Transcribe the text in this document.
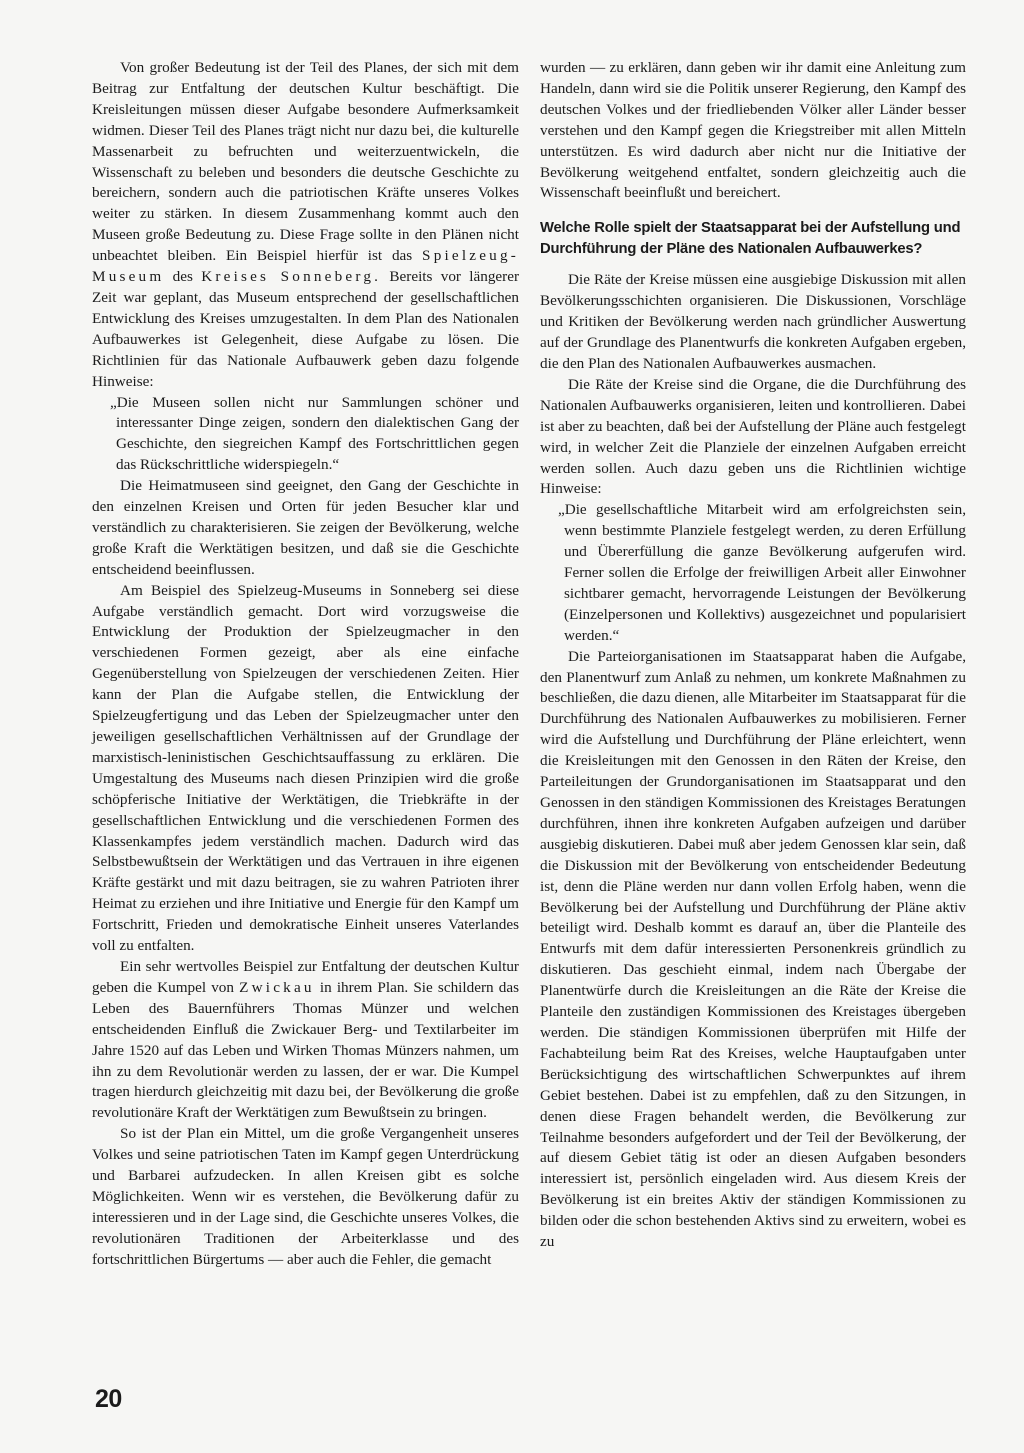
Von großer Bedeutung ist der Teil des Planes, der sich mit dem Beitrag zur Entfaltung der deutschen Kultur beschäftigt. Die Kreisleitungen müssen dieser Aufgabe besondere Aufmerksamkeit widmen. Dieser Teil des Planes trägt nicht nur dazu bei, die kulturelle Massenarbeit zu befruchten und weiterzuentwickeln, die Wissenschaft zu beleben und besonders die deutsche Geschichte zu bereichern, sondern auch die patriotischen Kräfte unseres Volkes weiter zu stärken. In diesem Zusammenhang kommt auch den Museen große Bedeutung zu. Diese Frage sollte in den Plänen nicht unbeachtet bleiben. Ein Beispiel hierfür ist das Spielzeug-Museum des Kreises Sonneberg. Bereits vor längerer Zeit war geplant, das Museum entsprechend der gesellschaftlichen Entwicklung des Kreises umzugestalten. In dem Plan des Nationalen Aufbauwerkes ist Gelegenheit, diese Aufgabe zu lösen. Die Richtlinien für das Nationale Aufbauwerk geben dazu folgende Hinweise:

„Die Museen sollen nicht nur Sammlungen schöner und interessanter Dinge zeigen, sondern den dialektischen Gang der Geschichte, den siegreichen Kampf des Fortschrittlichen gegen das Rückschrittliche widerspiegeln.“

Die Heimatmuseen sind geeignet, den Gang der Geschichte in den einzelnen Kreisen und Orten für jeden Besucher klar und verständlich zu charakterisieren. Sie zeigen der Bevölkerung, welche große Kraft die Werktätigen besitzen, und daß sie die Geschichte entscheidend beeinflussen.

Am Beispiel des Spielzeug-Museums in Sonneberg sei diese Aufgabe verständlich gemacht. Dort wird vorzugsweise die Entwicklung der Produktion der Spielzeugmacher in den verschiedenen Formen gezeigt, aber als eine einfache Gegenüberstellung von Spielzeugen der verschiedenen Zeiten. Hier kann der Plan die Aufgabe stellen, die Entwicklung der Spielzeugfertigung und das Leben der Spielzeugmacher unter den jeweiligen gesellschaftlichen Verhältnissen auf der Grundlage der marxistisch-leninistischen Geschichtsauffassung zu erklären. Die Umgestaltung des Museums nach diesen Prinzipien wird die große schöpferische Initiative der Werktätigen, die Triebkräfte in der gesellschaftlichen Entwicklung und die verschiedenen Formen des Klassenkampfes jedem verständlich machen. Dadurch wird das Selbstbewußtsein der Werktätigen und das Vertrauen in ihre eigenen Kräfte gestärkt und mit dazu beitragen, sie zu wahren Patrioten ihrer Heimat zu erziehen und ihre Initiative und Energie für den Kampf um Fortschritt, Frieden und demokratische Einheit unseres Vaterlandes voll zu entfalten.

Ein sehr wertvolles Beispiel zur Entfaltung der deutschen Kultur geben die Kumpel von Zwickau in ihrem Plan. Sie schildern das Leben des Bauernführers Thomas Münzer und welchen entscheidenden Einfluß die Zwickauer Berg- und Textilarbeiter im Jahre 1520 auf das Leben und Wirken Thomas Münzers nahmen, um ihn zu dem Revolutionär werden zu lassen, der er war. Die Kumpel tragen hierdurch gleichzeitig mit dazu bei, der Bevölkerung die große revolutionäre Kraft der Werktätigen zum Bewußtsein zu bringen.

So ist der Plan ein Mittel, um die große Vergangenheit unseres Volkes und seine patriotischen Taten im Kampf gegen Unterdrückung und Barbarei aufzudecken. In allen Kreisen gibt es solche Möglichkeiten. Wenn wir es verstehen, die Bevölkerung dafür zu interessieren und in der Lage sind, die Geschichte unseres Volkes, die revolutionären Traditionen der Arbeiterklasse und des fortschrittlichen Bürgertums — aber auch die Fehler, die gemacht

wurden — zu erklären, dann geben wir ihr damit eine Anleitung zum Handeln, dann wird sie die Politik unserer Regierung, den Kampf des deutschen Volkes und der friedliebenden Völker aller Länder besser verstehen und den Kampf gegen die Kriegstreiber mit allen Mitteln unterstützen. Es wird dadurch aber nicht nur die Initiative der Bevölkerung weitgehend entfaltet, sondern gleichzeitig auch die Wissenschaft beeinflußt und bereichert.

Welche Rolle spielt der Staatsapparat bei der Aufstellung und Durchführung der Pläne des Nationalen Aufbauwerkes?

Die Räte der Kreise müssen eine ausgiebige Diskussion mit allen Bevölkerungsschichten organisieren. Die Diskussionen, Vorschläge und Kritiken der Bevölkerung werden nach gründlicher Auswertung auf der Grundlage des Planentwurfs die konkreten Aufgaben ergeben, die den Plan des Nationalen Aufbauwerkes ausmachen.

Die Räte der Kreise sind die Organe, die die Durchführung des Nationalen Aufbauwerks organisieren, leiten und kontrollieren. Dabei ist aber zu beachten, daß bei der Aufstellung der Pläne auch festgelegt wird, in welcher Zeit die Planziele der einzelnen Aufgaben erreicht werden sollen. Auch dazu geben uns die Richtlinien wichtige Hinweise:

„Die gesellschaftliche Mitarbeit wird am erfolgreichsten sein, wenn bestimmte Planziele festgelegt werden, zu deren Erfüllung und Übererfüllung die ganze Bevölkerung aufgerufen wird. Ferner sollen die Erfolge der freiwilligen Arbeit aller Einwohner sichtbarer gemacht, hervorragende Leistungen der Bevölkerung (Einzelpersonen und Kollektivs) ausgezeichnet und popularisiert werden.“

Die Parteiorganisationen im Staatsapparat haben die Aufgabe, den Planentwurf zum Anlaß zu nehmen, um konkrete Maßnahmen zu beschließen, die dazu dienen, alle Mitarbeiter im Staatsapparat für die Durchführung des Nationalen Aufbauwerkes zu mobilisieren. Ferner wird die Aufstellung und Durchführung der Pläne erleichtert, wenn die Kreisleitungen mit den Genossen in den Räten der Kreise, den Parteileitungen der Grundorganisationen im Staatsapparat und den Genossen in den ständigen Kommissionen des Kreistages Beratungen durchführen, ihnen ihre konkreten Aufgaben aufzeigen und darüber ausgiebig diskutieren. Dabei muß aber jedem Genossen klar sein, daß die Diskussion mit der Bevölkerung von entscheidender Bedeutung ist, denn die Pläne werden nur dann vollen Erfolg haben, wenn die Bevölkerung bei der Aufstellung und Durchführung der Pläne aktiv beteiligt wird. Deshalb kommt es darauf an, über die Planteile des Entwurfs mit dem dafür interessierten Personenkreis gründlich zu diskutieren. Das geschieht einmal, indem nach Übergabe der Planentwürfe durch die Kreisleitungen an die Räte der Kreise die Planteile den zuständigen Kommissionen des Kreistages übergeben werden. Die ständigen Kommissionen überprüfen mit Hilfe der Fachabteilung beim Rat des Kreises, welche Hauptaufgaben unter Berücksichtigung des wirtschaftlichen Schwerpunktes auf ihrem Gebiet bestehen. Dabei ist zu empfehlen, daß zu den Sitzungen, in denen diese Fragen behandelt werden, die Bevölkerung zur Teilnahme besonders aufgefordert und der Teil der Bevölkerung, der auf diesem Gebiet tätig ist oder an diesen Aufgaben besonders interessiert ist, persönlich eingeladen wird. Aus diesem Kreis der Bevölkerung ist ein breites Aktiv der ständigen Kommissionen zu bilden oder die schon bestehenden Aktivs sind zu erweitern, wobei es zu

20
